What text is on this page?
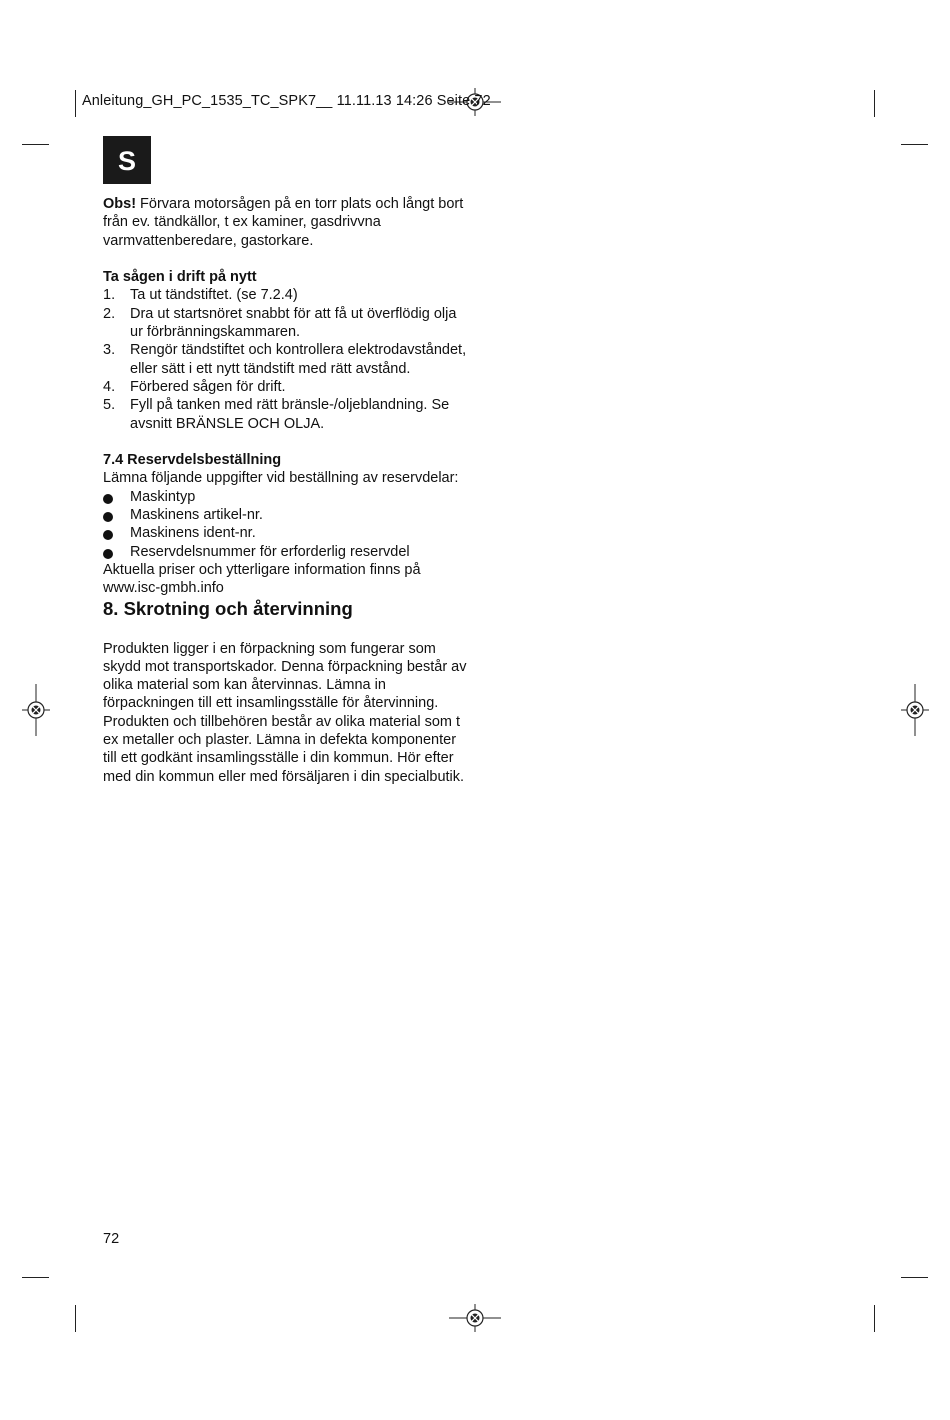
Anleitung_GH_PC_1535_TC_SPK7__ 11.11.13 14:26 Seite 72
S

Obs! Förvara motorsågen på en torr plats och långt bort från ev. tändkällor, t ex kaminer, gasdrivvna varmvattenberedare, gastorkare.

Ta sågen i drift på nytt

1. Ta ut tändstiftet. (se 7.2.4)
2. Dra ut startsnöret snabbt för att få ut överflödig olja ur förbränningskammaren.
3. Rengör tändstiftet och kontrollera elektrodavståndet, eller sätt i ett nytt tändstift med rätt avstånd.
4. Förbered sågen för drift.
5. Fyll på tanken med rätt bränsle-/oljeblandning. Se avsnitt BRÄNSLE OCH OLJA.

7.4 Reservdelsbeställning

Lämna följande uppgifter vid beställning av reservdelar:

Maskintyp
Maskinens artikel-nr.
Maskinens ident-nr.
Reservdelsnummer för erforderlig reservdel

Aktuella priser och ytterligare information finns på www.isc-gmbh.info

8. Skrotning och återvinning

Produkten ligger i en förpackning som fungerar som skydd mot transportskador. Denna förpackning består av olika material som kan återvinnas. Lämna in förpackningen till ett insamlingsställe för återvinning.

Produkten och tillbehören består av olika material som t ex metaller och plaster. Lämna in defekta komponenter till ett godkänt insamlingsställe i din kommun. Hör efter med din kommun eller med försäljaren i din specialbutik.

72
